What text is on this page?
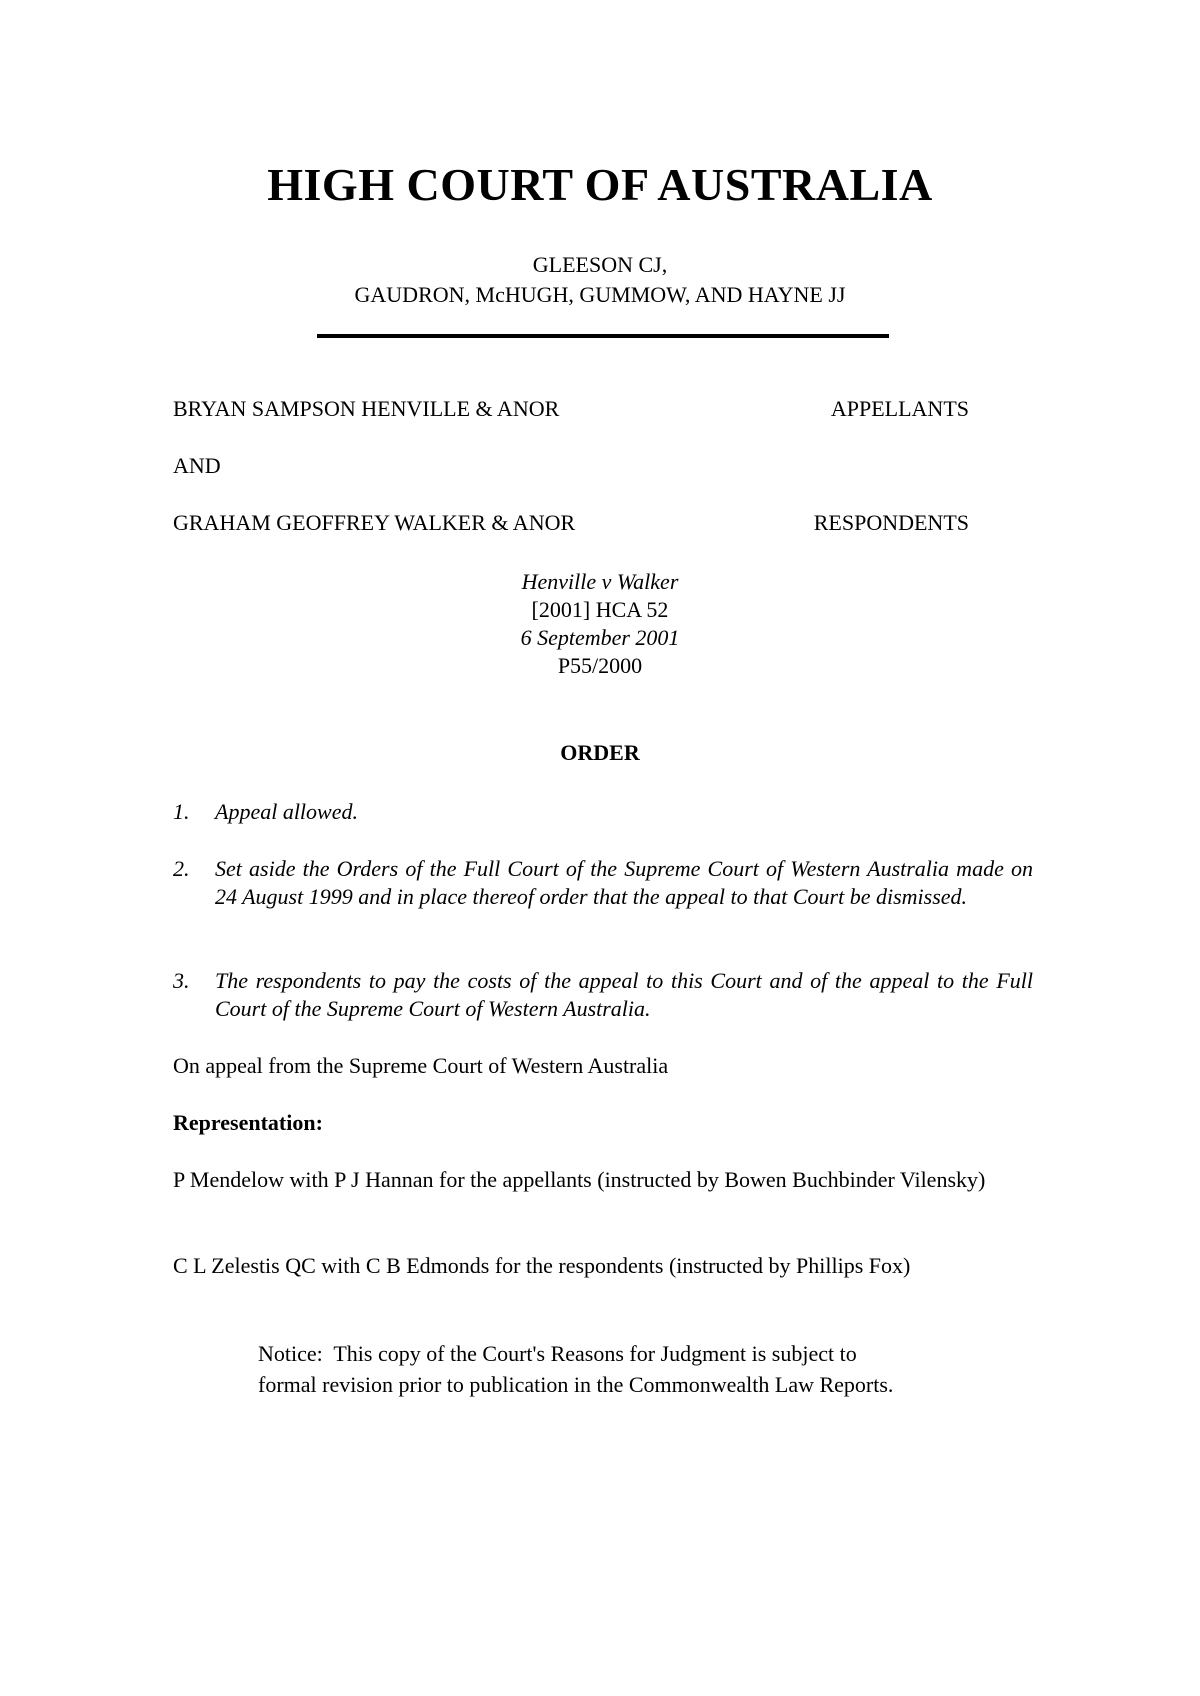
HIGH COURT OF AUSTRALIA
GLEESON CJ,
GAUDRON, McHUGH, GUMMOW, AND HAYNE JJ
BRYAN SAMPSON HENVILLE & ANOR	APPELLANTS
AND
GRAHAM GEOFFREY WALKER & ANOR	RESPONDENTS
Henville v Walker
[2001] HCA 52
6 September 2001
P55/2000
ORDER
1.	Appeal allowed.
2.	Set aside the Orders of the Full Court of the Supreme Court of Western Australia made on 24 August 1999 and in place thereof order that the appeal to that Court be dismissed.
3.	The respondents to pay the costs of the appeal to this Court and of the appeal to the Full Court of the Supreme Court of Western Australia.
On appeal from the Supreme Court of Western Australia
Representation:
P Mendelow with P J Hannan for the appellants (instructed by Bowen Buchbinder Vilensky)
C L Zelestis QC with C B Edmonds for the respondents (instructed by Phillips Fox)
Notice:  This copy of the Court's Reasons for Judgment is subject to
formal revision prior to publication in the Commonwealth Law Reports.
